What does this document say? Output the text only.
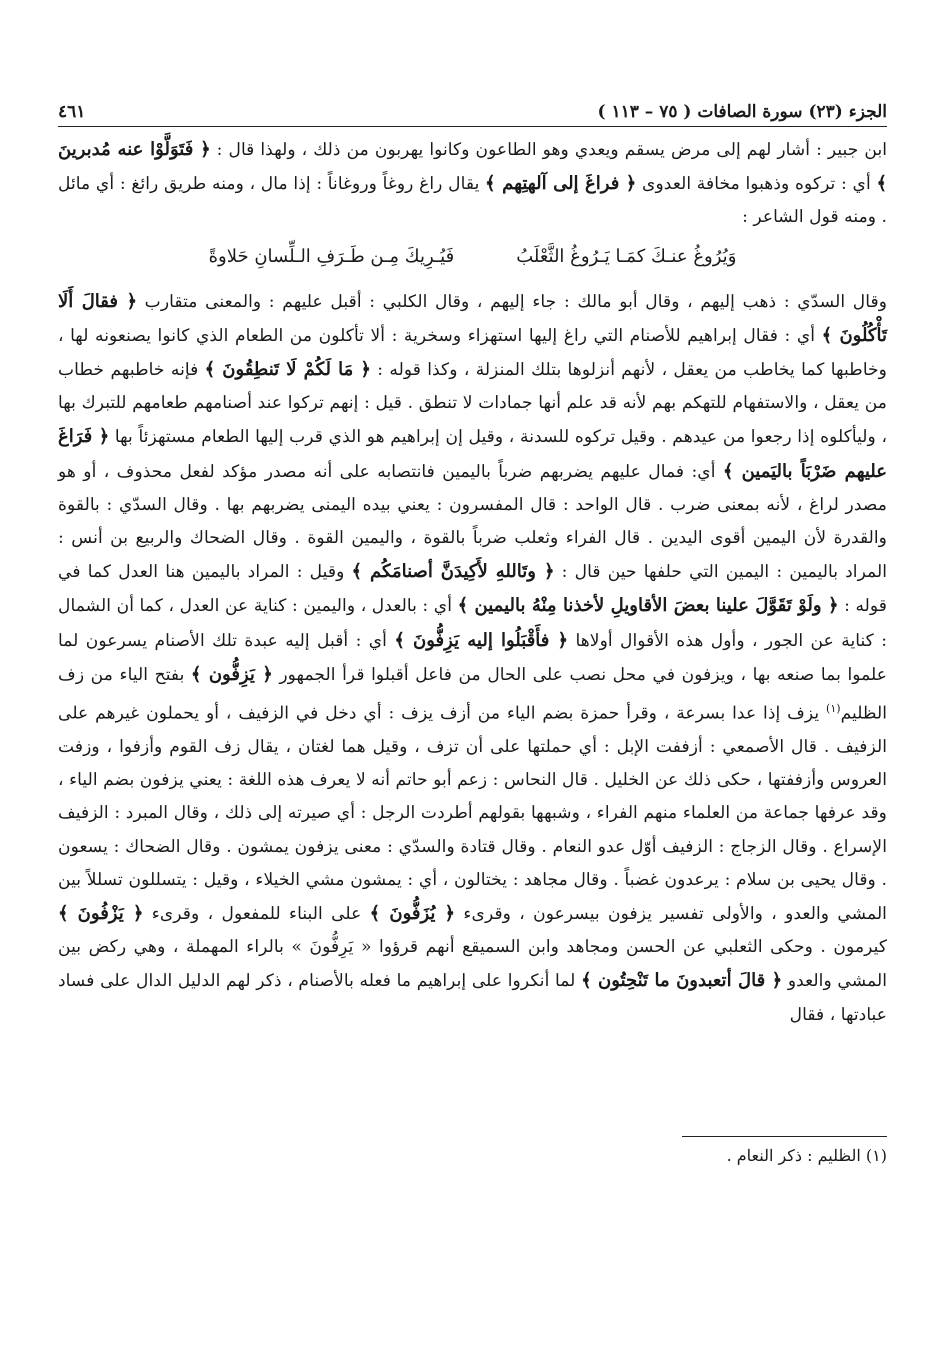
الجزء (٢٣) سورة الصافات ( ٧٥ – ١١٣ )
٤٦١

ابن جبير : أشار لهم إلى مرض يسقم ويعدي وهو الطاعون وكانوا يهربون من ذلك ، ولهذا قال : ﴿ فَتَوَلَّوْا عنه مُدبرينَ ﴾ أي : تركوه وذهبوا مخافة العدوى ﴿ فراغَ إلى آلهتِهم ﴾ يقال راغ روغاً وروغاناً : إذا مال ، ومنه طريق رائغ : أي مائل . ومنه قول الشاعر :

وَيُرُوغُ عنـكَ كمَـا يَـرُوغُ الثَّعْلَبُ
فَيُـرِيكَ مِـن طَـرَفِ الـلِّسانِ حَلاوةً

وقال السدّي : ذهب إليهم ، وقال أبو مالك : جاء إليهم ، وقال الكلبي : أقبل عليهم : والمعنى متقارب ﴿ فقالَ أَلَا تَأْكُلُونَ ﴾ أي : فقال إبراهيم للأصنام التي راغ إليها استهزاء وسخرية : ألا تأكلون من الطعام الذي كانوا يصنعونه لها ، وخاطبها كما يخاطب من يعقل ، لأنهم أنزلوها بتلك المنزلة ، وكذا قوله : ﴿ مَا لَكُمْ لَا تَنطِقُونَ ﴾ فإنه خاطبهم خطاب من يعقل ، والاستفهام للتهكم بهم لأنه قد علم أنها جمادات لا تنطق . قيل : إنهم تركوا عند أصنامهم طعامهم للتبرك بها ، وليأكلوه إذا رجعوا من عيدهم . وقيل تركوه للسدنة ، وقيل إن إبراهيم هو الذي قرب إليها الطعام مستهزئاً بها ﴿ فَرَاغَ عليهم ضَرْبَاً باليَمين ﴾ أي: فمال عليهم يضربهم ضرباً باليمين فانتصابه على أنه مصدر مؤكد لفعل محذوف ، أو هو مصدر لراغ ، لأنه بمعنى ضرب . قال الواحد : قال المفسرون : يعني بيده اليمنى يضربهم بها . وقال السدّي : بالقوة والقدرة لأن اليمين أقوى اليدين . قال الفراء وثعلب ضرباً بالقوة ، واليمين القوة . وقال الضحاك والربيع بن أنس : المراد باليمين : اليمين التي حلفها حين قال : ﴿ وتَاللهِ لأَكِيدَنَّ أصنامَكُم ﴾ وقيل : المراد باليمين هنا العدل كما في قوله : ﴿ ولَوْ تَقَوَّلَ علينا بعضَ الأقاويلِ لأخذنا مِنْهُ باليمين ﴾ أي : بالعدل ، واليمين : كناية عن العدل ، كما أن الشمال : كناية عن الجور ، وأول هذه الأقوال أولاها ﴿ فأَقْبَلُوا إليه يَزِفُّونَ ﴾ أي : أقبل إليه عبدة تلك الأصنام يسرعون لما علموا بما صنعه بها ، ويزفون في محل نصب على الحال من فاعل أقبلوا قرأ الجمهور ﴿ يَزِفُّون ﴾ بفتح الياء من زف الظليم$^{(١)}$ يزف إذا عدا بسرعة ، وقرأ حمزة بضم الياء من أزف يزف : أي دخل في الزفيف ، أو يحملون غيرهم على الزفيف . قال الأصمعي : أزففت الإبل : أي حملتها على أن تزف ، وقيل هما لغتان ، يقال زف القوم وأزفوا ، وزفت العروس وأزففتها ، حكى ذلك عن الخليل . قال النحاس : زعم أبو حاتم أنه لا يعرف هذه اللغة : يعني يزفون بضم الياء ، وقد عرفها جماعة من العلماء منهم الفراء ، وشبهها بقولهم أطردت الرجل : أي صيرته إلى ذلك ، وقال المبرد : الزفيف الإسراع . وقال الزجاج : الزفيف أوّل عدو النعام . وقال قتادة والسدّي : معنى يزفون يمشون . وقال الضحاك : يسعون . وقال يحيى بن سلام : يرعدون غضباً . وقال مجاهد : يختالون ، أي : يمشون مشي الخيلاء ، وقيل : يتسللون تسللاً بين المشي والعدو ، والأولى تفسير يزفون بيسرعون ، وقرىء ﴿ يُزَفُّونَ ﴾ على البناء للمفعول ، وقرىء ﴿ يَزْفُونَ ﴾ كيرمون . وحكى الثعلبي عن الحسن ومجاهد وابن السميقع أنهم قرؤوا « يَرِفُّونَ » بالراء المهملة ، وهي ركض بين المشي والعدو ﴿ قالَ أتعبدونَ ما تَنْحِتُون ﴾ لما أنكروا على إبراهيم ما فعله بالأصنام ، ذكر لهم الدليل الدال على فساد عبادتها ، فقال

(١) الظليم : ذكر النعام .
